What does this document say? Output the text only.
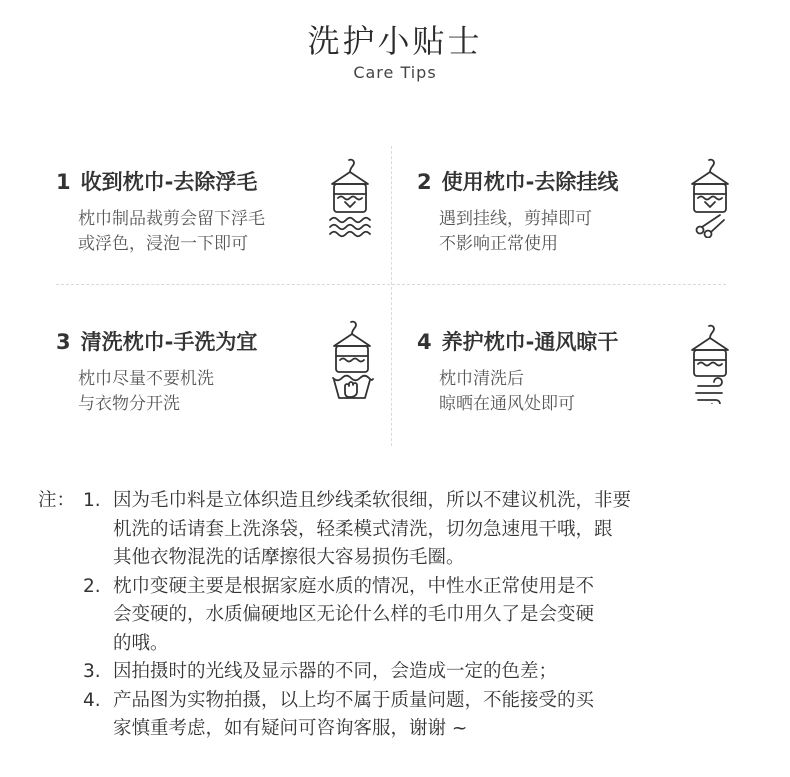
洗护小贴士
Care Tips
1 收到枕巾-去除浮毛
枕巾制品裁剪会留下浮毛
或浮色，浸泡一下即可
2 使用枕巾-去除挂线
遇到挂线，剪掉即可
不影响正常使用
3 清洗枕巾-手洗为宜
枕巾尽量不要机洗
与衣物分开洗
4 养护枕巾-通风晾干
枕巾清洗后
晾晒在通风处即可
注： 1. 因为毛巾料是立体织造且纱线柔软很细，所以不建议机洗，非要
机洗的话请套上洗涤袋，轻柔模式清洗，切勿急速甩干哦，跟
其他衣物混洗的话摩擦很大容易损伤毛圈。
2. 枕巾变硬主要是根据家庭水质的情况，中性水正常使用是不
会变硬的，水质偏硬地区无论什么样的毛巾用久了是会变硬
的哦。
3. 因拍摄时的光线及显示器的不同，会造成一定的色差；
4. 产品图为实物拍摄，以上均不属于质量问题，不能接受的买
家慎重考虑，如有疑问可咨询客服，谢谢 ~
